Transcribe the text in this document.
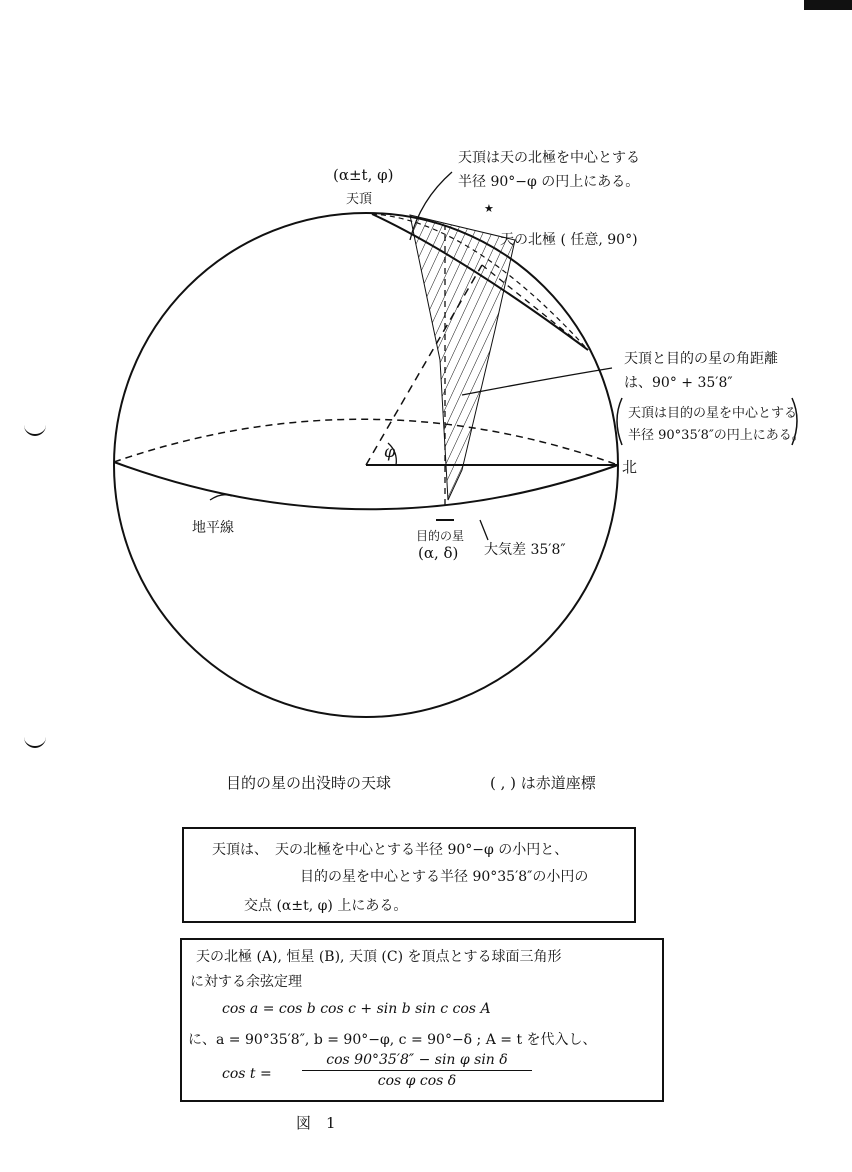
(α±t, φ)
天頂
天頂は天の北極を中心とする
半径 90°−φ の円上にある。
★
天の北極 ( 任意, 90°)
天頂と目的の星の角距離
は、90° + 35′8″
天頂は目的の星を中心とする
半径 90°35′8″の円上にある。
φ
北
地平線	目的の星
(α, δ) 大気差 35′8″
目的の星の出没時の天球	( , ) は赤道座標
天頂は、　天の北極を中心とする半径 90°−φ の小円と、
目的の星を中心とする半径 90°35′8″の小円の
交点 (α±t, φ) 上にある。
天の北極 (A), 恒星 (B), 天頂 (C) を頂点とする球面三角形
に対する余弦定理
cos a = cos b cos c + sin b sin c cos A
に、a = 90°35′8″, b = 90°−φ, c = 90°−δ ; A = t を代入し、
cos t =
cos 90°35′8″ − sin φ sin δ
cos φ cos δ
図　1
